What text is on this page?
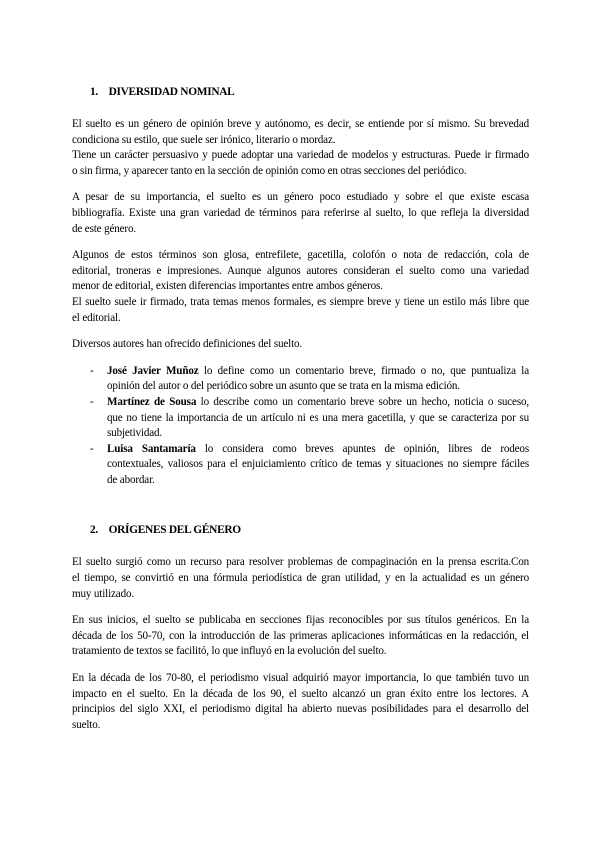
1. DIVERSIDAD NOMINAL
El suelto es un género de opinión breve y autónomo, es decir, se entiende por sí mismo. Su brevedad
condiciona su estilo, que suele ser irónico, literario o mordaz.
Tiene un carácter persuasivo y puede adoptar una variedad de modelos y estructuras. Puede ir firmado
o sin firma, y aparecer tanto en la sección de opinión como en otras secciones del periódico.
A pesar de su importancia, el suelto es un género poco estudiado y sobre el que existe escasa
bibliografía. Existe una gran variedad de términos para referirse al suelto, lo que refleja la diversidad
de este género.
Algunos de estos términos son glosa, entrefilete, gacetilla, colofón o nota de redacción, cola de
editorial, troneras e impresiones. Aunque algunos autores consideran el suelto como una variedad
menor de editorial, existen diferencias importantes entre ambos géneros.
El suelto suele ir firmado, trata temas menos formales, es siempre breve y tiene un estilo más libre que
el editorial.
Diversos autores han ofrecido definiciones del suelto.
- José Javier Muñoz lo define como un comentario breve, firmado o no, que puntualiza la
opinión del autor o del periódico sobre un asunto que se trata en la misma edición.
- Martínez de Sousa lo describe como un comentario breve sobre un hecho, noticia o suceso,
que no tiene la importancia de un artículo ni es una mera gacetilla, y que se caracteriza por su
subjetividad.
- Luisa Santamaría lo considera como breves apuntes de opinión, libres de rodeos
contextuales, valiosos para el enjuiciamiento crítico de temas y situaciones no siempre fáciles
de abordar.
2. ORÍGENES DEL GÉNERO
El suelto surgió como un recurso para resolver problemas de compaginación en la prensa escrita.Con
el tiempo, se convirtió en una fórmula periodística de gran utilidad, y en la actualidad es un género
muy utilizado.
En sus inicios, el suelto se publicaba en secciones fijas reconocibles por sus títulos genéricos. En la
década de los 50-70, con la introducción de las primeras aplicaciones informáticas en la redacción, el
tratamiento de textos se facilitó, lo que influyó en la evolución del suelto.
En la década de los 70-80, el periodismo visual adquirió mayor importancia, lo que también tuvo un
impacto en el suelto. En la década de los 90, el suelto alcanzó un gran éxito entre los lectores. A
principios del siglo XXI, el periodismo digital ha abierto nuevas posibilidades para el desarrollo del
suelto.
